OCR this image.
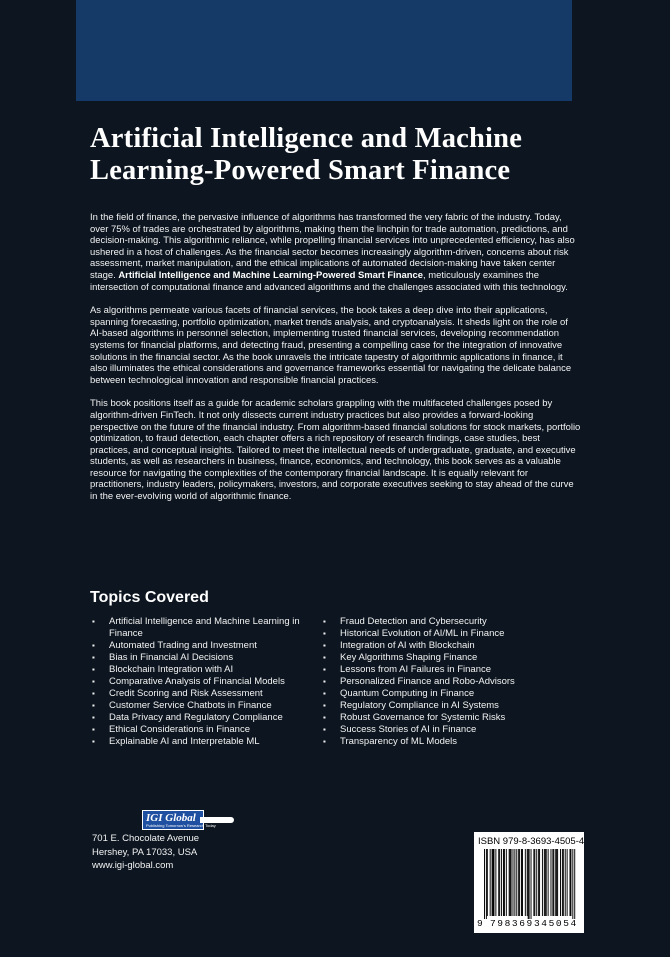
Artificial Intelligence and Machine
Learning-Powered Smart Finance

In the field of finance, the pervasive influence of algorithms has transformed the very fabric of the industry. Today, over 75% of trades are orchestrated by algorithms, making them the linchpin for trade automation, predictions, and decision-making. This algorithmic reliance, while propelling financial services into unprecedented efficiency, has also ushered in a host of challenges. As the financial sector becomes increasingly algorithm-driven, concerns about risk assessment, market manipulation, and the ethical implications of automated decision-making have taken center stage. Artificial Intelligence and Machine Learning-Powered Smart Finance, meticulously examines the intersection of computational finance and advanced algorithms and the challenges associated with this technology.

As algorithms permeate various facets of financial services, the book takes a deep dive into their applications, spanning forecasting, portfolio optimization, market trends analysis, and cryptoanalysis. It sheds light on the role of AI-based algorithms in personnel selection, implementing trusted financial services, developing recommendation systems for financial platforms, and detecting fraud, presenting a compelling case for the integration of innovative solutions in the financial sector. As the book unravels the intricate tapestry of algorithmic applications in finance, it also illuminates the ethical considerations and governance frameworks essential for navigating the delicate balance between technological innovation and responsible financial practices.

This book positions itself as a guide for academic scholars grappling with the multifaceted challenges posed by algorithm-driven FinTech. It not only dissects current industry practices but also provides a forward-looking perspective on the future of the financial industry. From algorithm-based financial solutions for stock markets, portfolio optimization, to fraud detection, each chapter offers a rich repository of research findings, case studies, best practices, and conceptual insights. Tailored to meet the intellectual needs of undergraduate, graduate, and executive students, as well as researchers in business, finance, economics, and technology, this book serves as a valuable resource for navigating the complexities of the contemporary financial landscape. It is equally relevant for practitioners, industry leaders, policymakers, investors, and corporate executives seeking to stay ahead of the curve in the ever-evolving world of algorithmic finance.

Topics Covered
▪ Artificial Intelligence and Machine Learning in Finance
▪ Automated Trading and Investment
▪ Bias in Financial AI Decisions
▪ Blockchain Integration with AI
▪ Comparative Analysis of Financial Models
▪ Credit Scoring and Risk Assessment
▪ Customer Service Chatbots in Finance
▪ Data Privacy and Regulatory Compliance
▪ Ethical Considerations in Finance
▪ Explainable AI and Interpretable ML
▪ Fraud Detection and Cybersecurity
▪ Historical Evolution of AI/ML in Finance
▪ Integration of AI with Blockchain
▪ Key Algorithms Shaping Finance
▪ Lessons from AI Failures in Finance
▪ Personalized Finance and Robo-Advisors
▪ Quantum Computing in Finance
▪ Regulatory Compliance in AI Systems
▪ Robust Governance for Systemic Risks
▪ Success Stories of AI in Finance
▪ Transparency of ML Models
IGI Global
Publishing Tomorrow's Research Today
701 E. Chocolate Avenue
Hershey, PA 17033, USA
www.igi-global.com
ISBN 979-8-3693-4505-4
9 798369 345054
